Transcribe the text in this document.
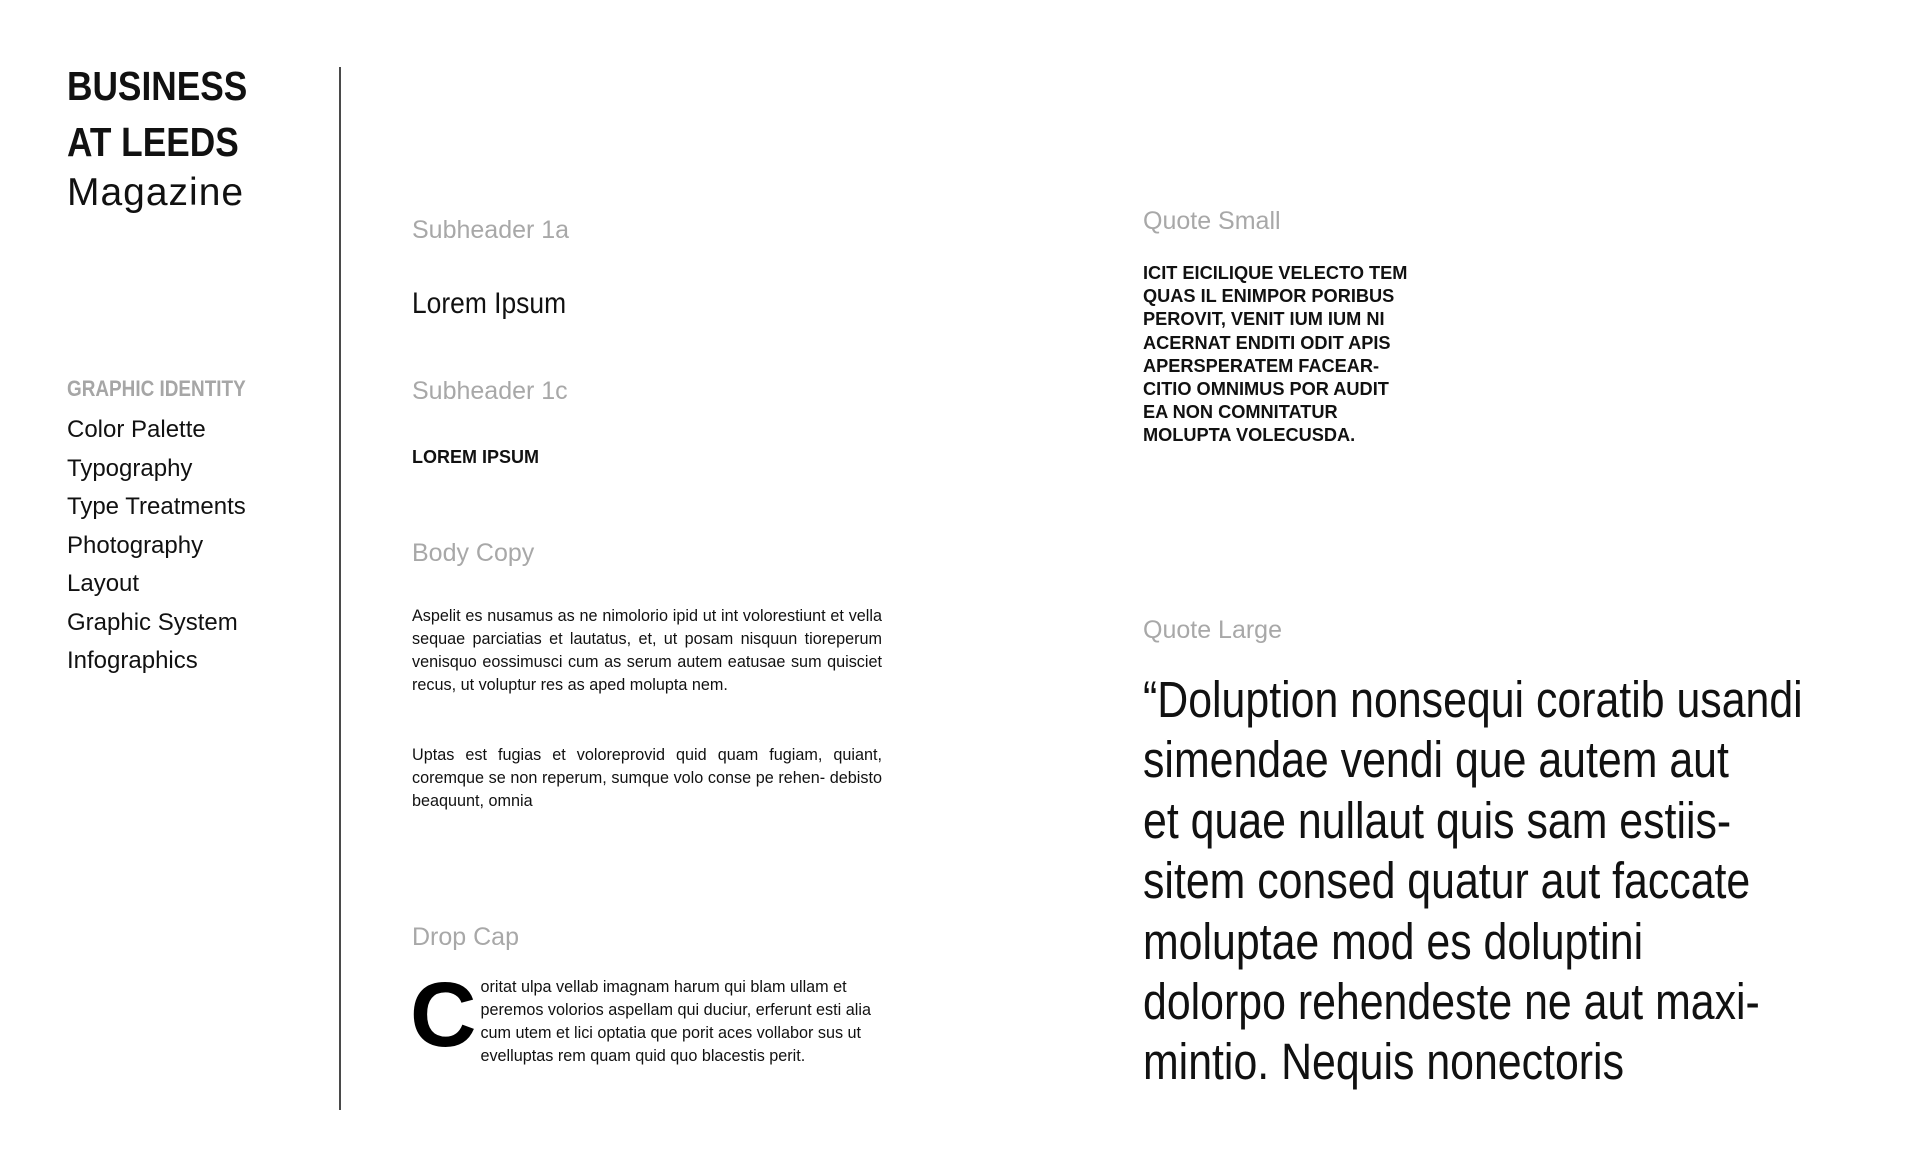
BUSINESS
AT LEEDS
Magazine
GRAPHIC IDENTITY
Color Palette
Typography
Type Treatments
Photography
Layout
Graphic System
Infographics
Subheader 1a
Lorem Ipsum
Subheader 1c
LOREM IPSUM
Body Copy

Aspelit es nusamus as ne nimolorio ipid ut int volorestiunt et vella sequae parciatias et lautatus, et, ut posam nisquun tioreperum venisquo eossimusci cum as serum autem eatusae sum quisciet recus, ut voluptur res as aped molupta nem.

Uptas est fugias et voloreprovid quid quam fugiam, quiant, coremque se non reperum, sumque volo conse pe rehen- debisto beaquunt, omnia

Drop Cap

Coritat ulpa vellab imagnam harum qui blam ullam et peremos volorios aspellam qui duciur, erferunt esti alia cum utem et lici optatia que porit aces vollabor sus ut evelluptas rem quam quid quo blacestis perit.

Quote Small
ICIT EICILIQUE VELECTO TEM
QUAS IL ENIMPOR PORIBUS
PEROVIT, VENIT IUM IUM NI
ACERNAT ENDITI ODIT APIS
APERSPERATEM FACEAR-
CITIO OMNIMUS POR AUDIT
EA NON COMNITATUR
MOLUPTA VOLECUSDA.
Quote Large
“Doluption nonsequi coratib usandi
simendae vendi que autem aut
et quae nullaut quis sam estiis-
sitem consed quatur aut faccate
moluptae mod es doluptini
dolorpo rehendeste ne aut maxi-
mintio. Nequis nonectoris
